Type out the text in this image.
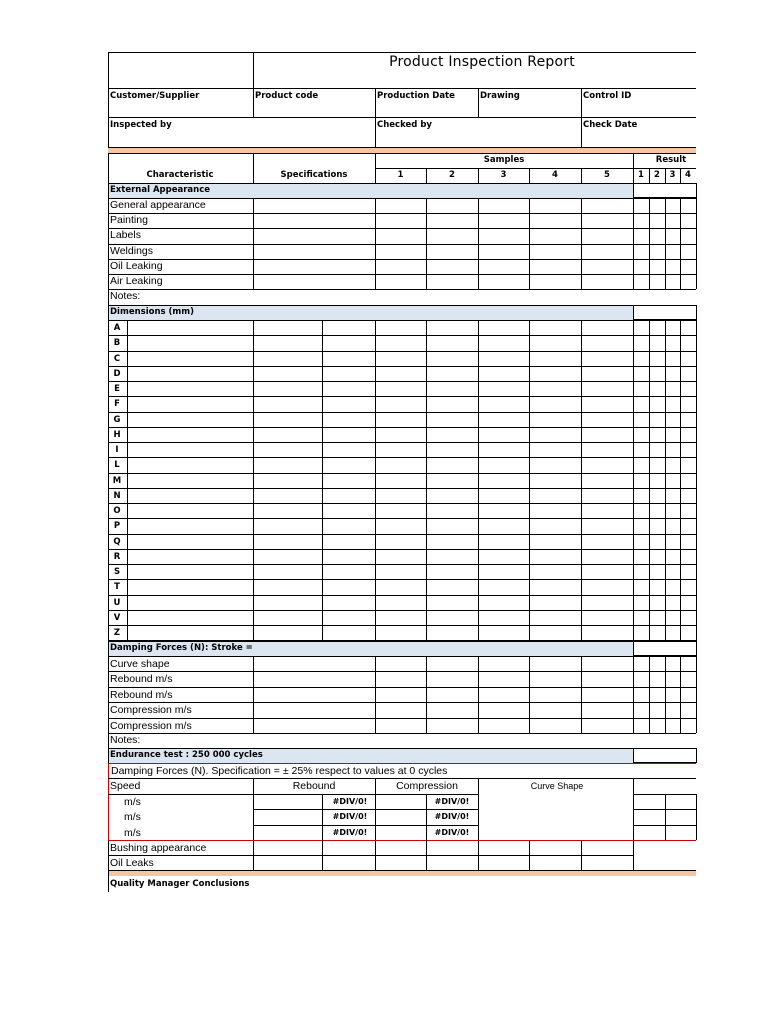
Product Inspection Report
Customer/Supplier	Product code	Production Date	Drawing	Control ID
Inspected by	Checked by	Check Date
Samples	Result
Characteristic	Specifications	1	2	3	4	5	1 2 3 4
External Appearance
General appearance
Painting
Labels
Weldings
Oil Leaking
Air Leaking
Notes:
Dimensions (mm)
A
B
C
D
E
F
G
H
I
L
M
N
O
P
Q
R
S
T
U
V
Z
Damping Forces (N): Stroke =
Curve shape
Rebound m/s
Rebound m/s
Compression m/s
Compression m/s
Notes:
Endurance test : 250 000 cycles
Damping Forces (N). Specification = ± 25% respect to values at 0 cycles
Speed	Rebound	Compression	Curve Shape
m/s	#DIV/0!	#DIV/0!
m/s	#DIV/0!	#DIV/0!
m/s	#DIV/0!	#DIV/0!
Bushing appearance
Oil Leaks
Quality Manager Conclusions
